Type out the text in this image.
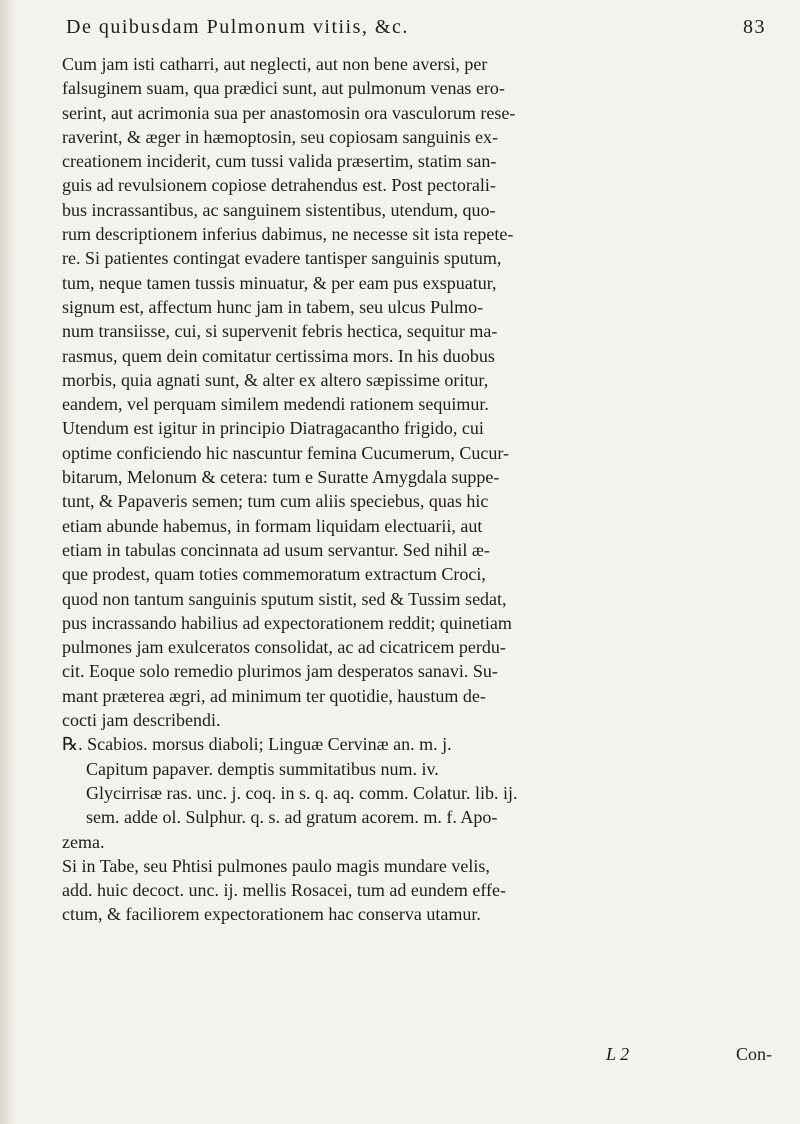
De quibusdam Pulmonum vitiis, &c.	83
Cum jam isti catharri, aut neglecti, aut non bene aversi, per
falsuginem suam, qua prædici sunt, aut pulmonum venas ero-
serint, aut acrimonia sua per anastomosin ora vasculorum rese-
raverint, & æger in hæmoptosin, seu copiosam sanguinis ex-
creationem inciderit, cum tussi valida præsertim, statim san-
guis ad revulsionem copiose detrahendus est. Post pectorali-
bus incrassantibus, ac sanguinem sistentibus, utendum, quo-
rum descriptionem inferius dabimus, ne necesse sit ista repete-
re. Si patientes contingat evadere tantisper sanguinis sputum,
tum, neque tamen tussis minuatur, & per eam pus exspuatur,
signum est, affectum hunc jam in tabem, seu ulcus Pulmo-
num transiisse, cui, si supervenit febris hectica, sequitur ma-
rasmus, quem dein comitatur certissima mors. In his duobus
morbis, quia agnati sunt, & alter ex altero sæpissime oritur,
eandem, vel perquam similem medendi rationem sequimur.
Utendum est igitur in principio Diatragacantho frigido, cui
optime conficiendo hic nascuntur femina Cucumerum, Cucur-
bitarum, Melonum & cetera: tum e Suratte Amygdala suppe-
tunt, & Papaveris semen; tum cum aliis speciebus, quas hic
etiam abunde habemus, in formam liquidam electuarii, aut
etiam in tabulas concinnata ad usum servantur. Sed nihil æ-
que prodest, quam toties commemoratum extractum Croci,
quod non tantum sanguinis sputum sistit, sed & Tussim sedat,
pus incrassando habilius ad expectorationem reddit; quinetiam
pulmones jam exulceratos consolidat, ac ad cicatricem perdu-
cit. Eoque solo remedio plurimos jam desperatos sanavi. Su-
mant præterea ægri, ad minimum ter quotidie, haustum de-
cocti jam describendi.
℞. Scabios. morsus diaboli; Linguæ Cervinæ an. m. j.
Capitum papaver. demptis summitatibus num. iv.
Glycirrisæ ras. unc. j. coq. in s. q. aq. comm. Colatur. lib. ij.
sem. adde ol. Sulphur. q. s. ad gratum acorem. m. f. Apo-
zema.
Si in Tabe, seu Phtisi pulmones paulo magis mundare velis,
add. huic decoct. unc. ij. mellis Rosacei, tum ad eundem effe-
ctum, & faciliorem expectorationem hac conserva utamur.
L 2	Con-
